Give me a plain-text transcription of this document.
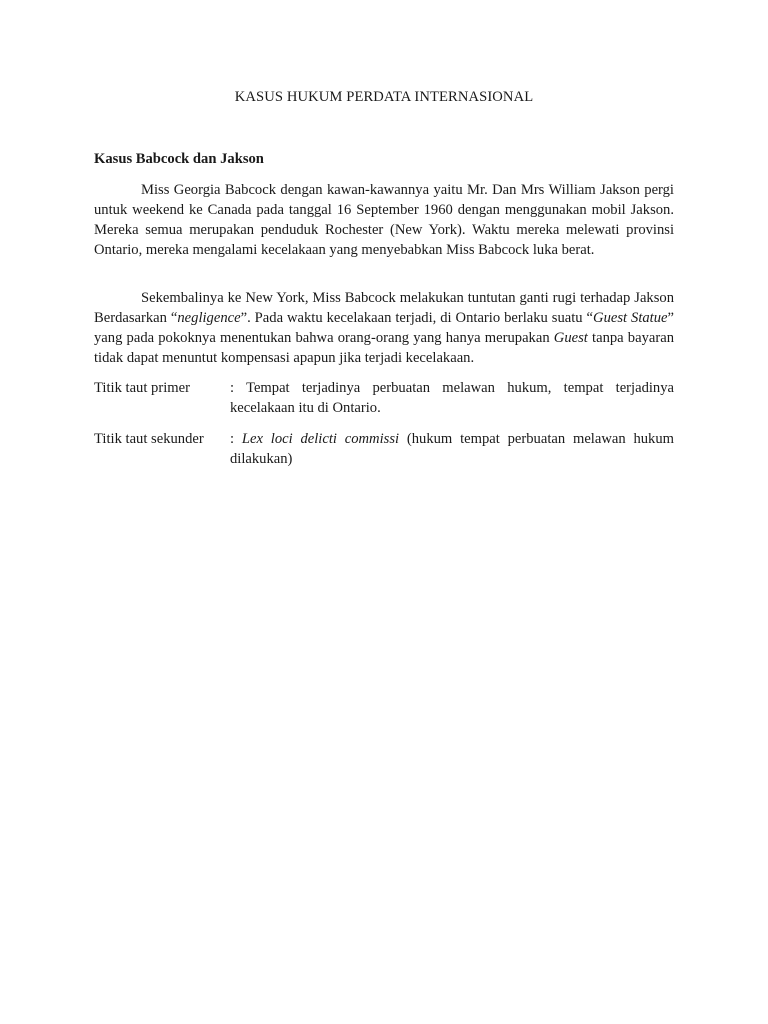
KASUS HUKUM PERDATA INTERNASIONAL
Kasus Babcock dan Jakson

Miss Georgia Babcock dengan kawan-kawannya yaitu Mr. Dan Mrs William Jakson pergi untuk weekend ke Canada pada tanggal 16 September 1960 dengan menggunakan mobil Jakson. Mereka semua merupakan penduduk Rochester (New York). Waktu mereka melewati provinsi Ontario, mereka mengalami kecelakaan yang menyebabkan Miss Babcock luka berat.

Sekembalinya ke New York, Miss Babcock melakukan tuntutan ganti rugi terhadap Jakson Berdasarkan “negligence”. Pada waktu kecelakaan terjadi, di Ontario berlaku suatu “Guest Statue” yang pada pokoknya menentukan bahwa orang-orang yang hanya merupakan Guest tanpa bayaran tidak dapat menuntut kompensasi apapun jika terjadi kecelakaan.

Titik taut primer	: Tempat terjadinya perbuatan melawan hukum, tempat terjadinya kecelakaan itu di Ontario.
Titik taut sekunder	: Lex loci delicti commissi (hukum tempat perbuatan melawan hukum dilakukan)
